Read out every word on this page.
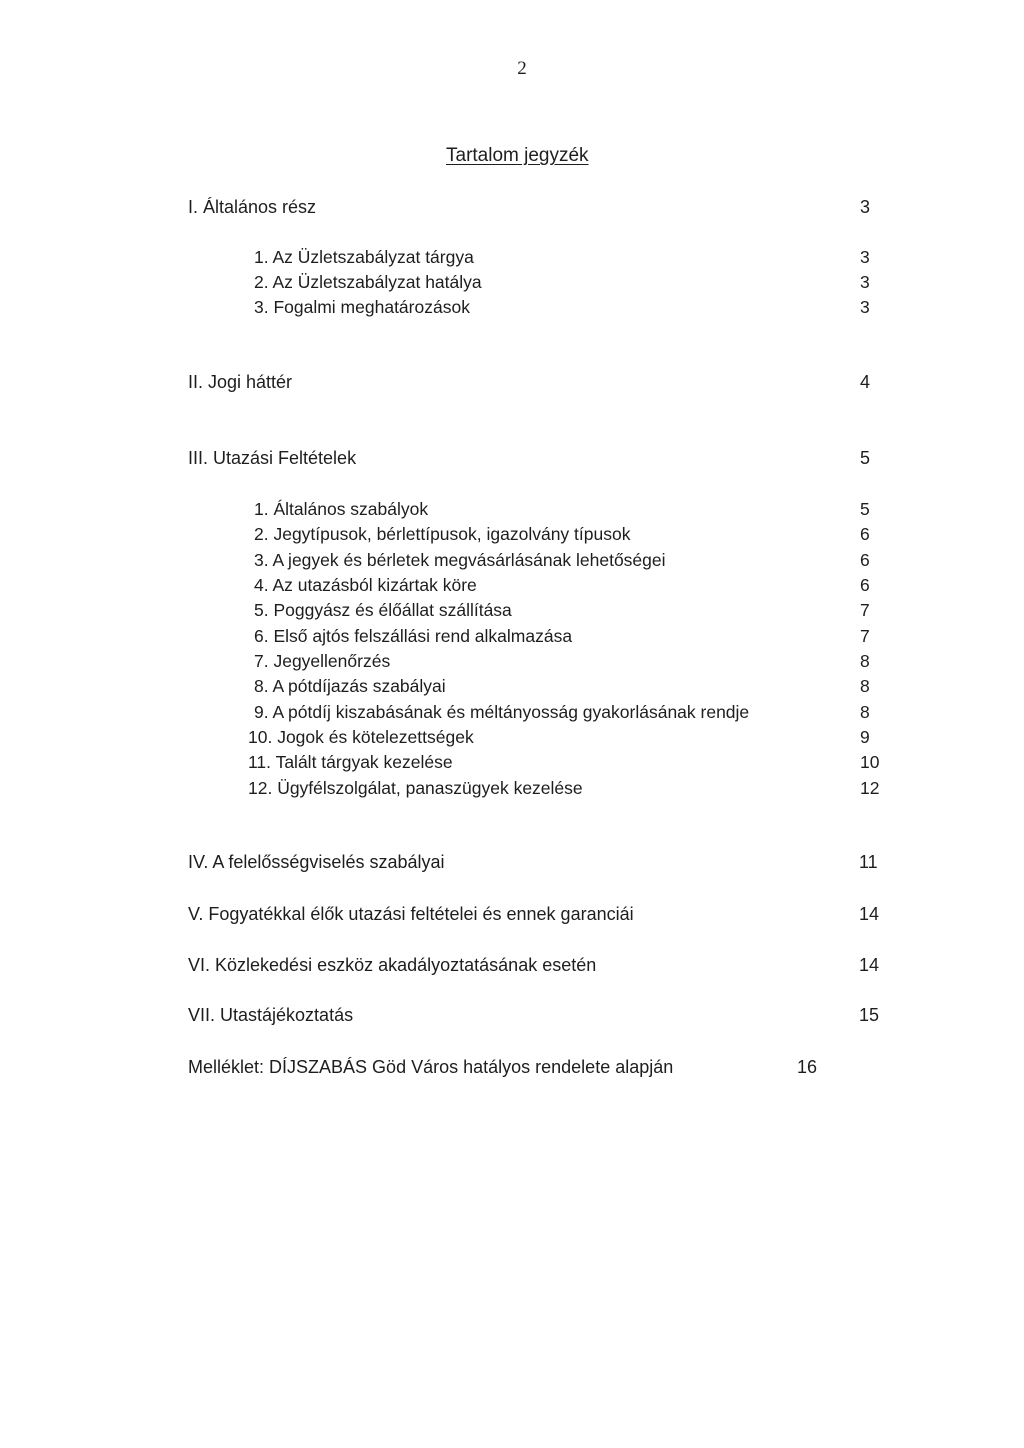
2
Tartalom jegyzék
I. Általános rész	3
1. Az Üzletszabályzat tárgya	3
2. Az Üzletszabályzat hatálya	3
3. Fogalmi meghatározások	3
II. Jogi háttér	4
III. Utazási Feltételek	5
1. Általános szabályok	5
2. Jegytípusok, bérlettípusok, igazolvány típusok	6
3. A jegyek és bérletek megvásárlásának lehetőségei	6
4. Az utazásból kizártak köre	6
5. Poggyász és élőállat szállítása	7
6. Első ajtós felszállási rend alkalmazása	7
7. Jegyellenőrzés	8
8. A pótdíjazás szabályai	8
9. A pótdíj kiszabásának és méltányosság gyakorlásának rendje	8
10. Jogok és kötelezettségek	9
11. Talált tárgyak kezelése	10
12. Ügyfélszolgálat, panaszügyek kezelése	12
IV. A felelősségviselés szabályai	11
V. Fogyatékkal élők utazási feltételei és ennek garanciái	14
VI. Közlekedési eszköz akadályoztatásának esetén	14
VII. Utastájékoztatás	15
Melléklet: DÍJSZABÁS Göd Város hatályos rendelete alapján	16
